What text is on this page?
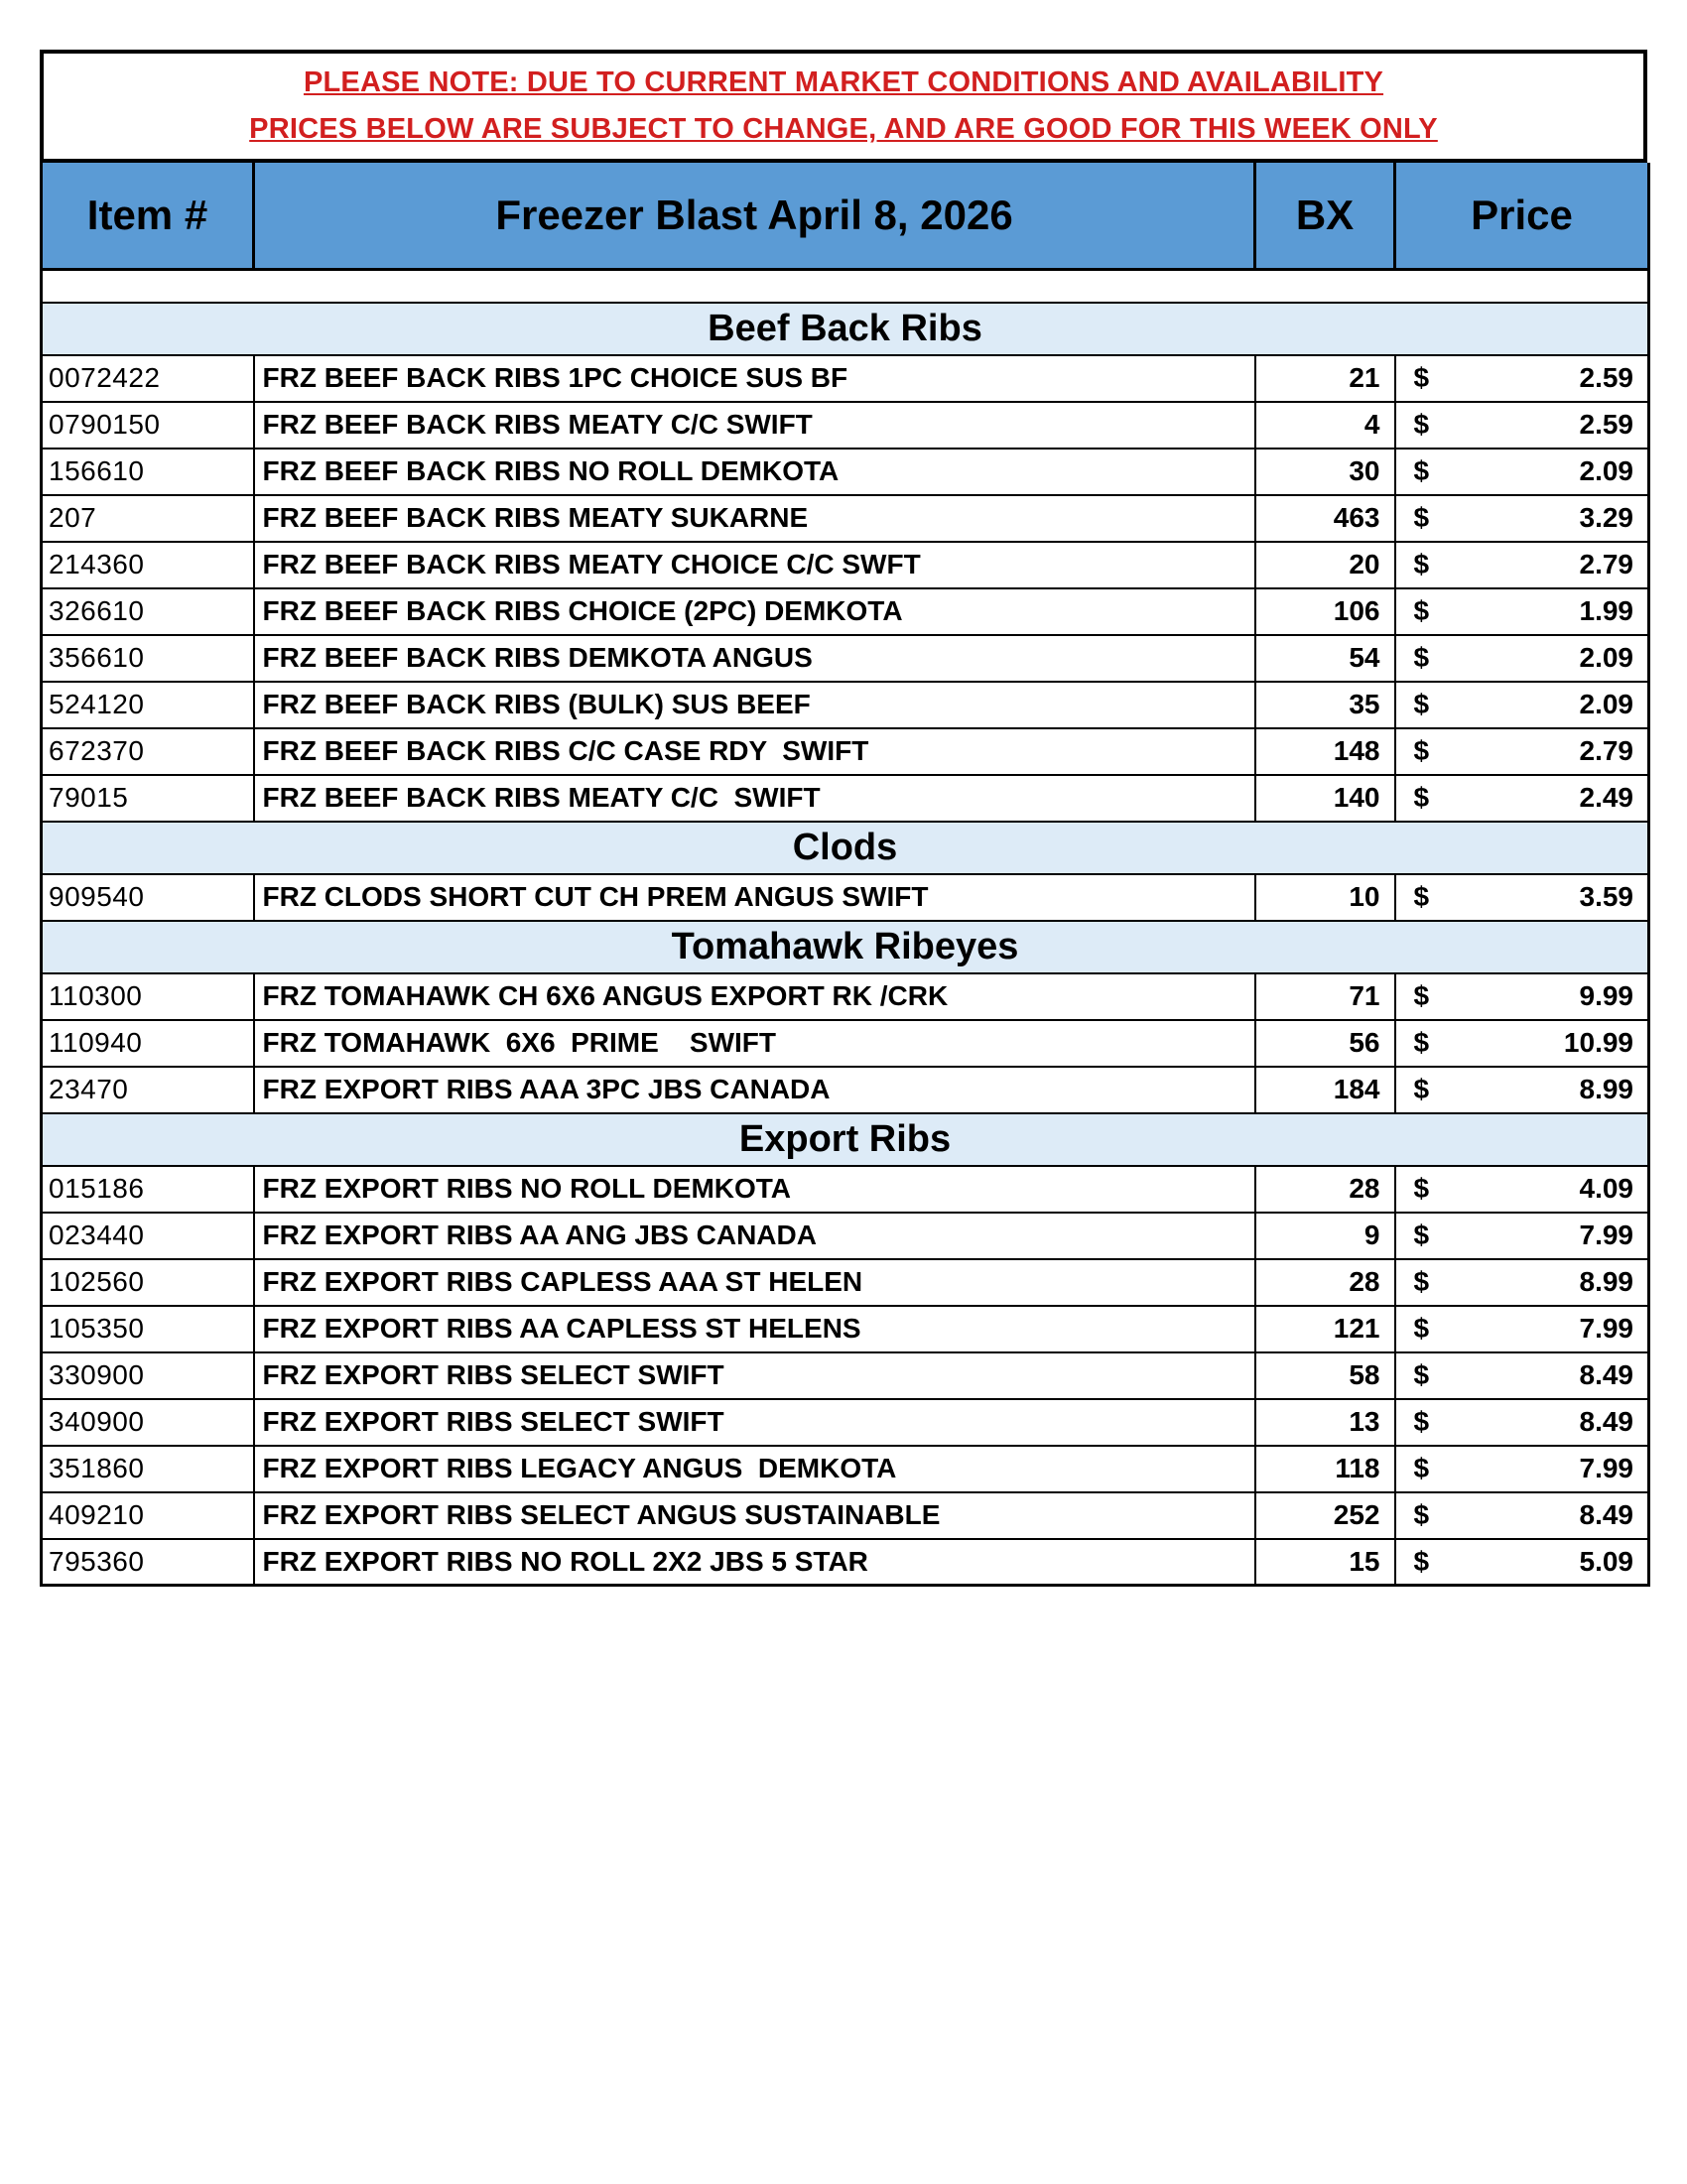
PLEASE NOTE: DUE TO CURRENT MARKET CONDITIONS AND AVAILABILITY
PRICES BELOW ARE SUBJECT TO CHANGE, AND ARE GOOD FOR THIS WEEK ONLY
Item #	Freezer Blast April 8, 2026	BX	Price

Beef Back Ribs			
0072422	FRZ BEEF BACK RIBS 1PC CHOICE SUS BF	21	$ 2.59

0790150	FRZ BEEF BACK RIBS MEATY C/C SWIFT	4	$ 2.59

156610	FRZ BEEF BACK RIBS NO ROLL DEMKOTA	30	$ 2.09

207	FRZ BEEF BACK RIBS MEATY SUKARNE	463	$ 3.29

214360	FRZ BEEF BACK RIBS MEATY CHOICE C/C SWFT	20	$ 2.79

326610	FRZ BEEF BACK RIBS CHOICE (2PC) DEMKOTA	106	$ 1.99

356610	FRZ BEEF BACK RIBS DEMKOTA ANGUS	54	$ 2.09

524120	FRZ BEEF BACK RIBS (BULK) SUS BEEF	35	$ 2.09

672370	FRZ BEEF BACK RIBS C/C CASE RDY  SWIFT	148	$ 2.79

79015	FRZ BEEF BACK RIBS MEATY C/C  SWIFT	140	$ 2.49

Clods			
909540	FRZ CLODS SHORT CUT CH PREM ANGUS SWIFT	10	$ 3.59

Tomahawk Ribeyes			
110300	FRZ TOMAHAWK CH 6X6 ANGUS EXPORT RK /CRK	71	$ 9.99

110940	FRZ TOMAHAWK  6X6  PRIME    SWIFT	56	$ 10.99

23470	FRZ EXPORT RIBS AAA 3PC JBS CANADA	184	$ 8.99

Export Ribs			
015186	FRZ EXPORT RIBS NO ROLL DEMKOTA	28	$ 4.09

023440	FRZ EXPORT RIBS AA ANG JBS CANADA	9	$ 7.99

102560	FRZ EXPORT RIBS CAPLESS AAA ST HELEN	28	$ 8.99

105350	FRZ EXPORT RIBS AA CAPLESS ST HELENS	121	$ 7.99

330900	FRZ EXPORT RIBS SELECT SWIFT	58	$ 8.49

340900	FRZ EXPORT RIBS SELECT SWIFT	13	$ 8.49

351860	FRZ EXPORT RIBS LEGACY ANGUS  DEMKOTA	118	$ 7.99

409210	FRZ EXPORT RIBS SELECT ANGUS SUSTAINABLE	252	$ 8.49

795360	FRZ EXPORT RIBS NO ROLL 2X2 JBS 5 STAR	15	$ 5.09
